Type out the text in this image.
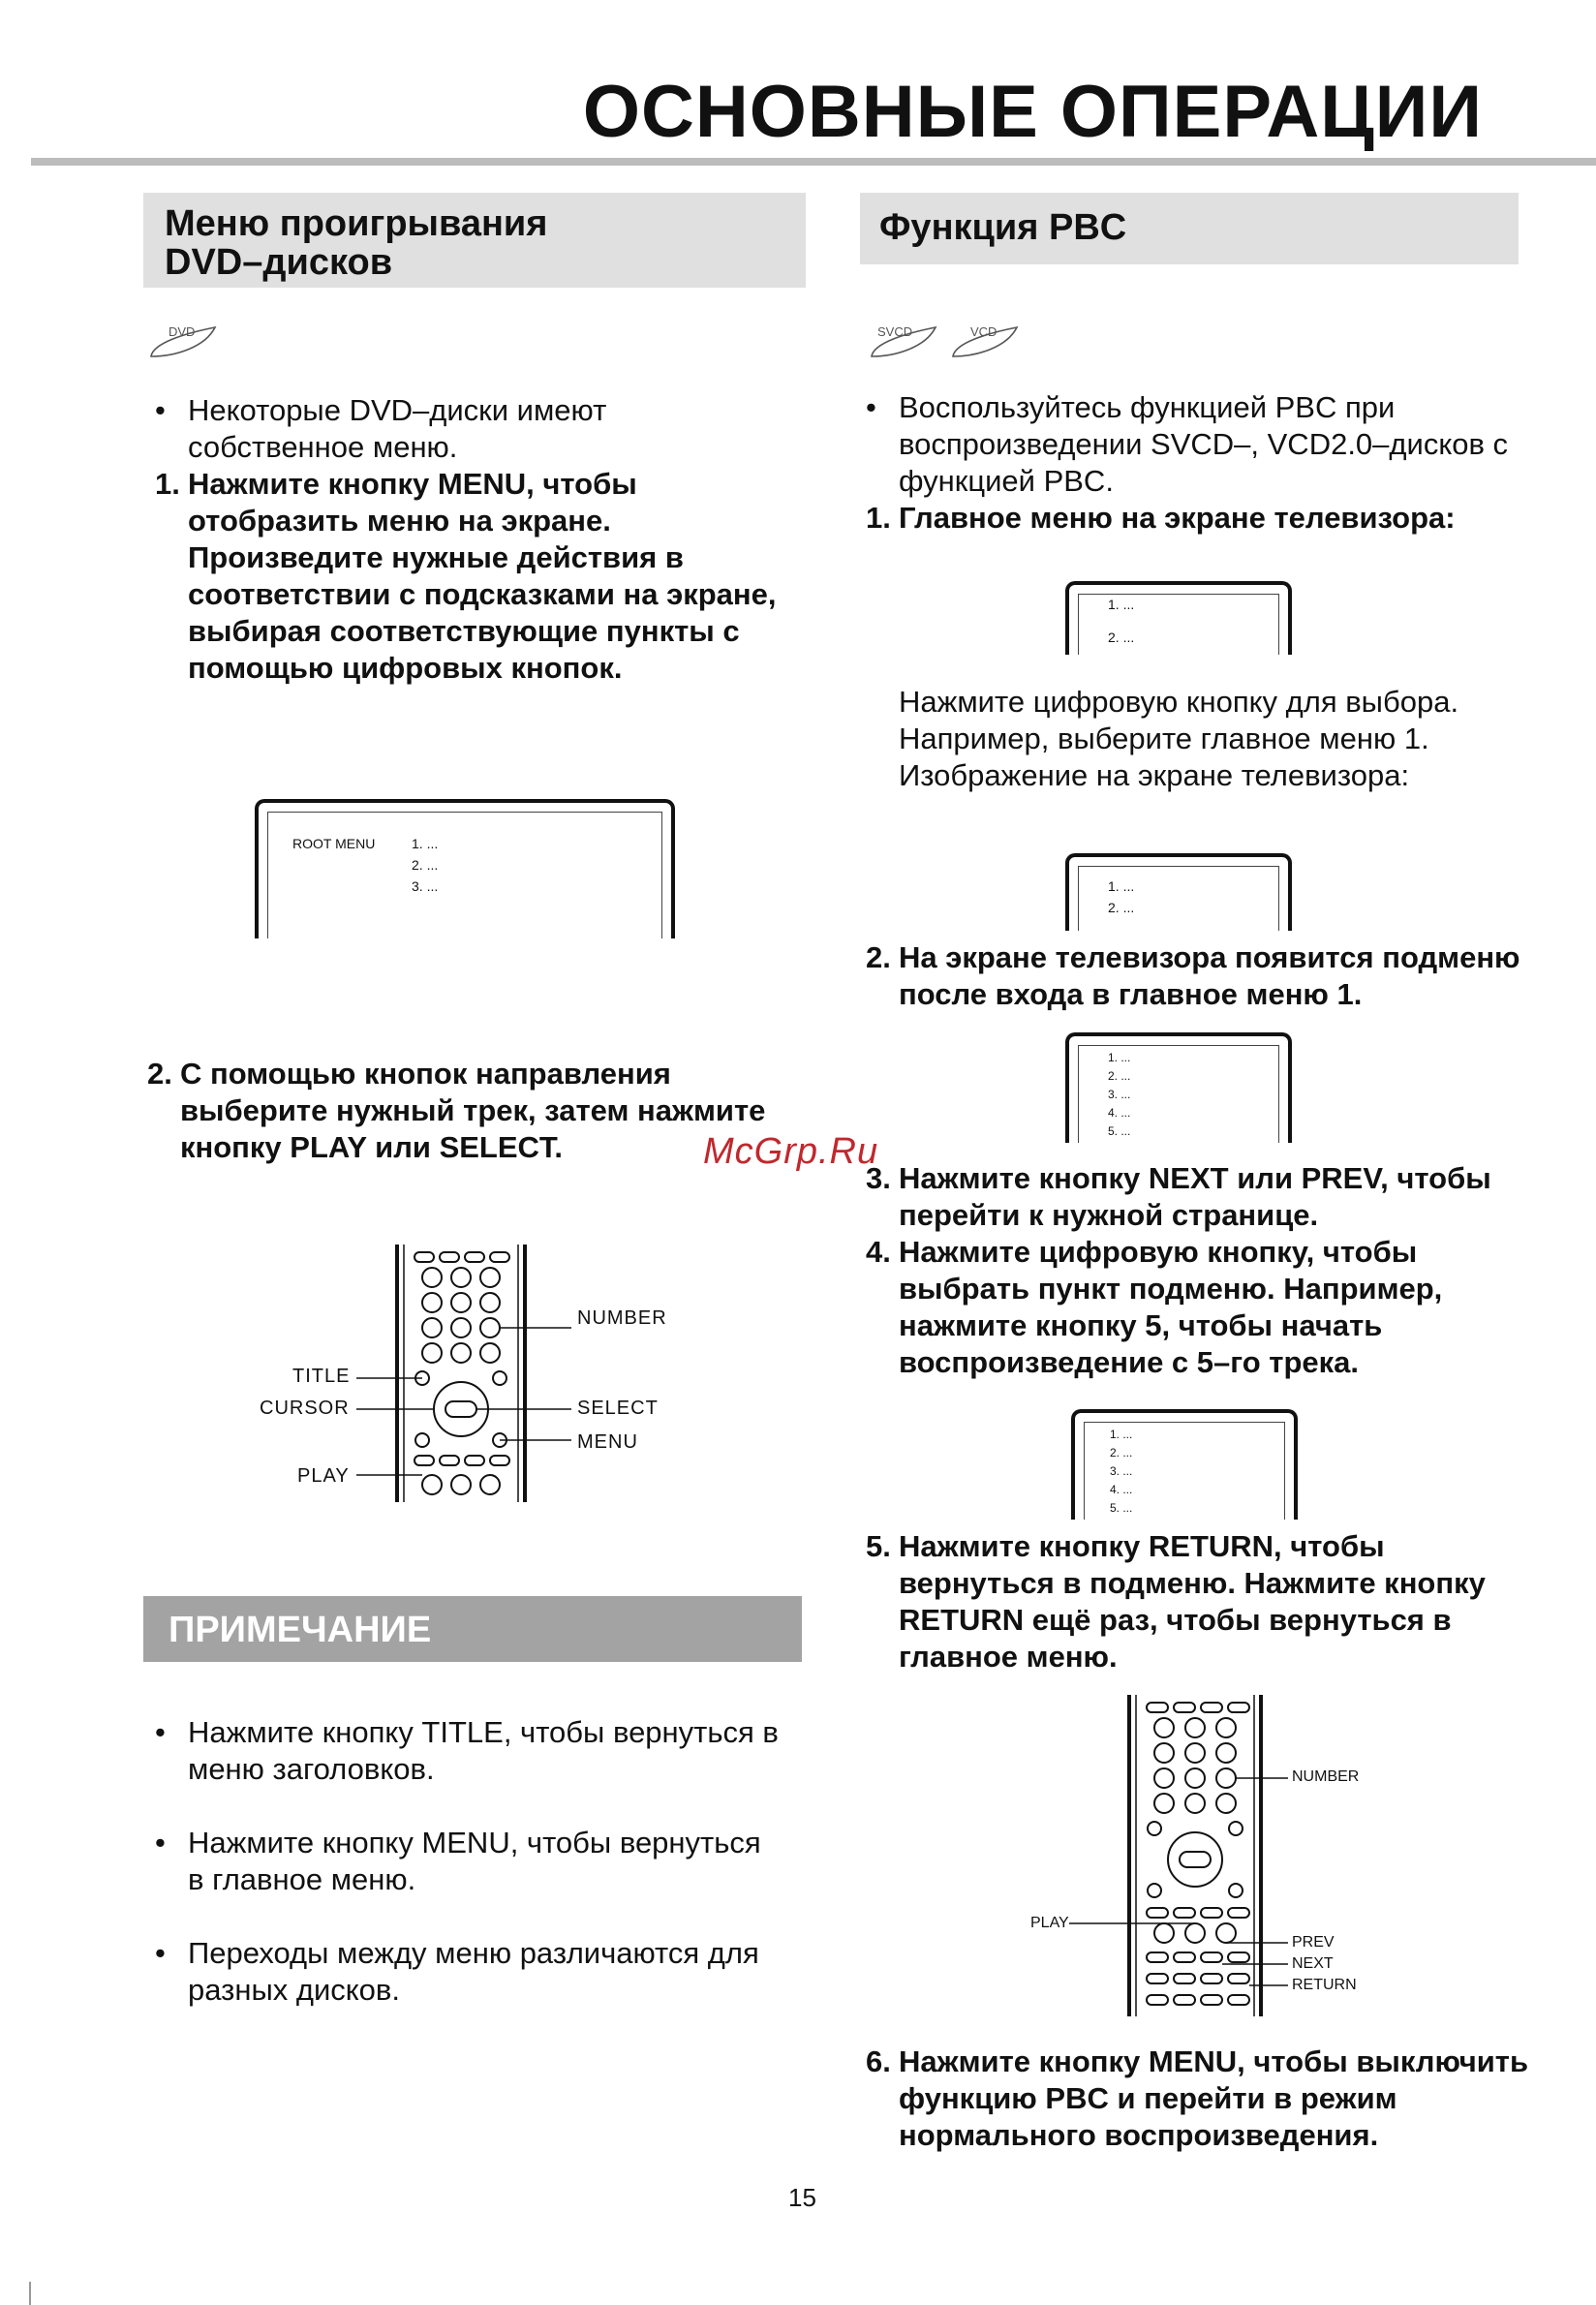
ОСНОВНЫЕ ОПЕРАЦИИ
Меню проигрывания
DVD–дисков
DVD
• Некоторые DVD–диски имеют собственное меню.
1. Нажмите кнопку MENU, чтобы отобразить меню на экране. Произведите нужные действия в соответствии с подсказками на экране, выбирая соответствующие пункты с помощью цифровых кнопок.
ROOT MENU	1. ...
2. ...
3. ...
2. С помощью кнопок направления выберите нужный трек, затем нажмите кнопку PLAY или SELECT.
NUMBER
TITLE
CURSOR	SELECT
MENU
PLAY
ПРИМЕЧАНИЕ
• Нажмите кнопку TITLE, чтобы вернуться в меню заголовков.
• Нажмите кнопку MENU, чтобы вернуться в главное меню.
• Переходы между меню различаются для разных дисков.
Функция PBC
SVCD	VCD
• Воспользуйтесь функцией PBC при воспроизведении SVCD–, VCD2.0–дисков с функцией PBC.
1. Главное меню на экране телевизора:
1. ...
2. ...
Нажмите цифровую кнопку для выбора. Например, выберите главное меню 1. Изображение на экране телевизора:
1. ...
2. ...
2. На экране телевизора появится подменю после входа в главное меню 1.
1. ...
2. ...
3. ...
4. ...
5. ...
McGrp.Ru
3. Нажмите кнопку NEXT или PREV, чтобы перейти к нужной странице.
4. Нажмите цифровую кнопку, чтобы выбрать пункт подменю. Например, нажмите кнопку 5, чтобы начать воспроизведение с 5–го трека.
1. ...
2. ...
3. ...
4. ...
5. ...
5. Нажмите кнопку RETURN, чтобы вернуться в подменю. Нажмите кнопку RETURN ещё раз, чтобы вернуться в главное меню.
NUMBER
PLAY
PREV
NEXT
RETURN
6. Нажмите кнопку MENU, чтобы выключить функцию PBC и перейти в режим нормального воспроизведения.
15
